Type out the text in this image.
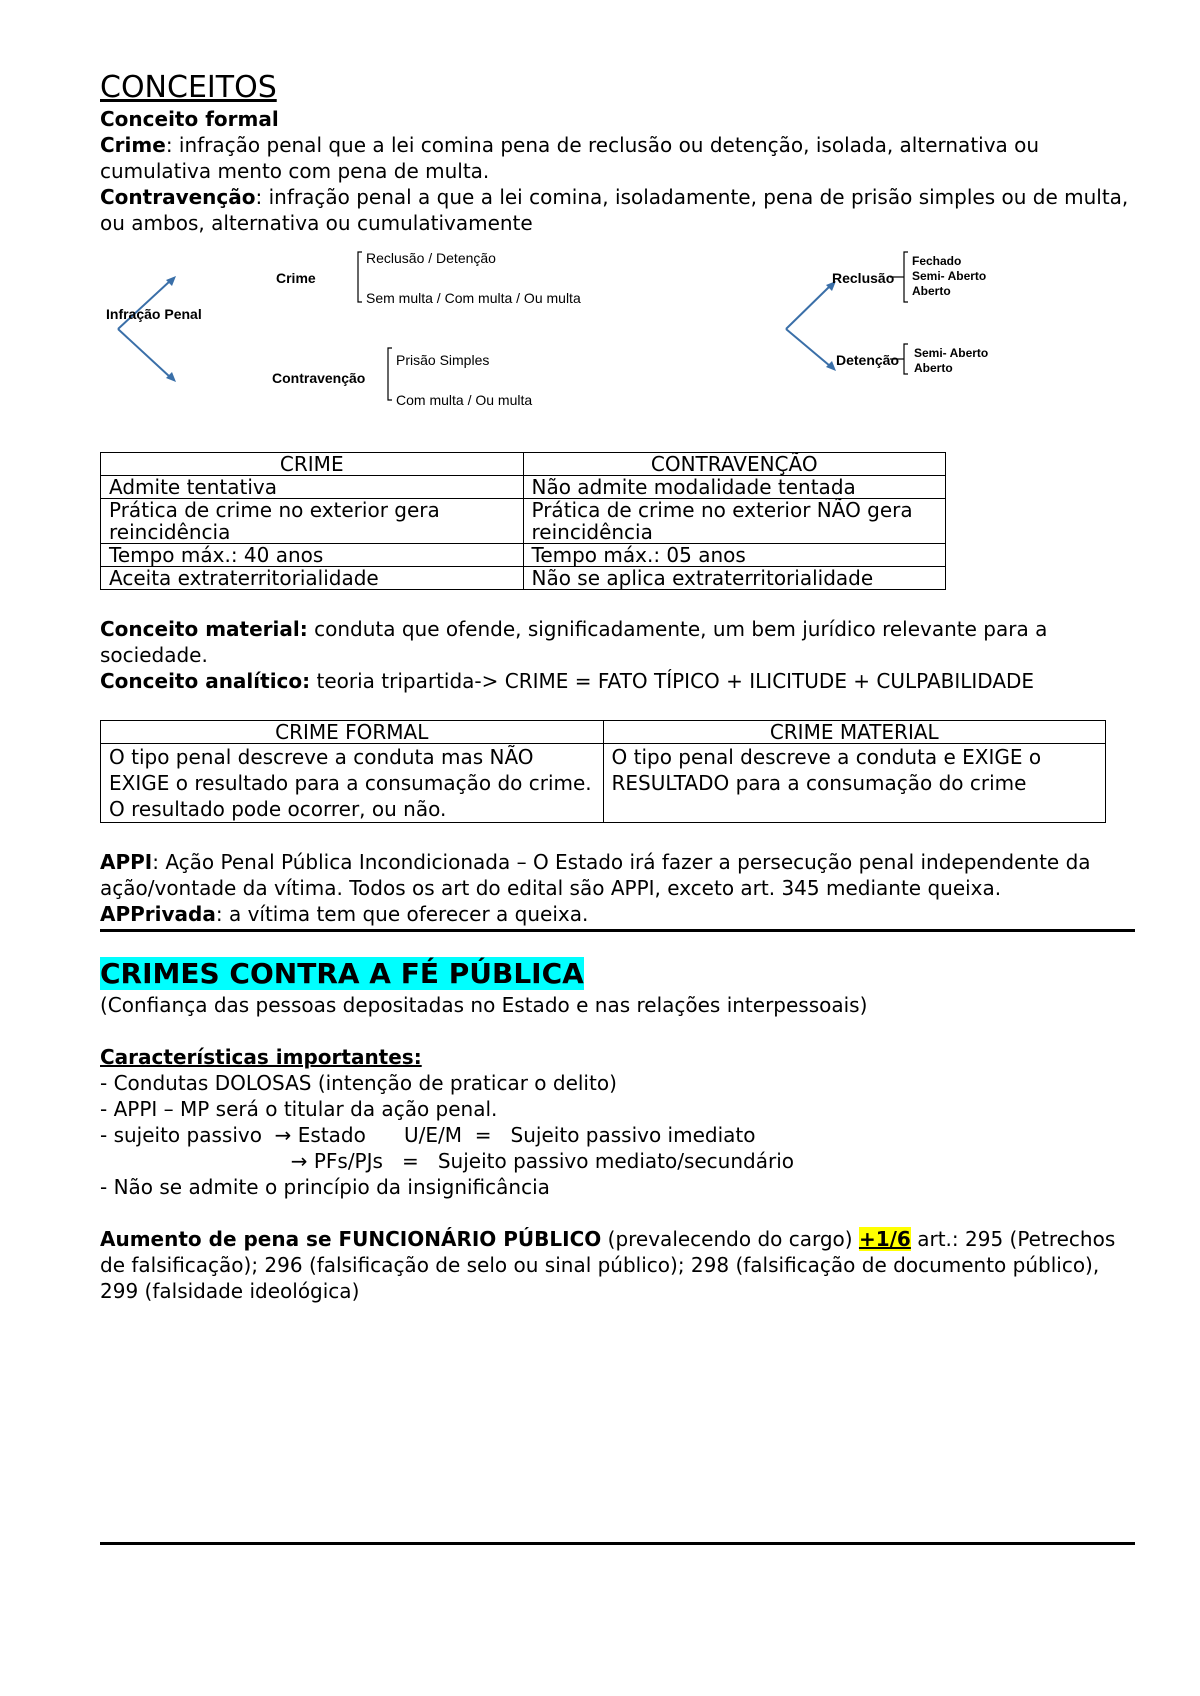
CONCEITOS

Conceito formal

Crime: infração penal que a lei comina pena de reclusão ou detenção, isolada, alternativa ou cumulativa mento com pena de multa.

Contravenção: infração penal a que a lei comina, isoladamente, pena de prisão simples ou de multa, ou ambos, alternativa ou cumulativamente

Infração Penal
Crime
Reclusão / Detenção
Sem multa / Com multa / Ou multa
Contravenção
Prisão Simples
Com multa / Ou multa
Reclusão
Fechado
Semi- Aberto
Aberto
Detenção Semi- Aberto
Aberto
CRIME	CONTRAVENÇÃO
Admite tentativa	Não admite modalidade tentada
Prática de crime no exterior gera reincidência	Prática de crime no exterior NÃO gera reincidência
Tempo máx.: 40 anos	Tempo máx.: 05 anos
Aceita extraterritorialidade	Não se aplica extraterritorialidade

Conceito material: conduta que ofende, significadamente, um bem jurídico relevante para a sociedade.

Conceito analítico: teoria tripartida-> CRIME = FATO TÍPICO + ILICITUDE + CULPABILIDADE

CRIME FORMAL	CRIME MATERIAL
O tipo penal descreve a conduta mas NÃO EXIGE o resultado para a consumação do crime. O resultado pode ocorrer, ou não.	O tipo penal descreve a conduta e EXIGE o RESULTADO para a consumação do crime

APPI: Ação Penal Pública Incondicionada – O Estado irá fazer a persecução penal independente da ação/vontade da vítima. Todos os art do edital são APPI, exceto art. 345 mediante queixa.

APPrivada: a vítima tem que oferecer a queixa.

CRIMES CONTRA A FÉ PÚBLICA

(Confiança das pessoas depositadas no Estado e nas relações interpessoais)

Características importantes:

- Condutas DOLOSAS (intenção de praticar o delito)

- APPI – MP será o titular da ação penal.

- sujeito passivo  → Estado      U/E/M  =   Sujeito passivo imediato

→ PFs/PJs   =   Sujeito passivo mediato/secundário

- Não se admite o princípio da insignificância

Aumento de pena se FUNCIONÁRIO PÚBLICO (prevalecendo do cargo) +1/6 art.: 295 (Petrechos de falsificação); 296 (falsificação de selo ou sinal público); 298 (falsificação de documento público), 299 (falsidade ideológica)
